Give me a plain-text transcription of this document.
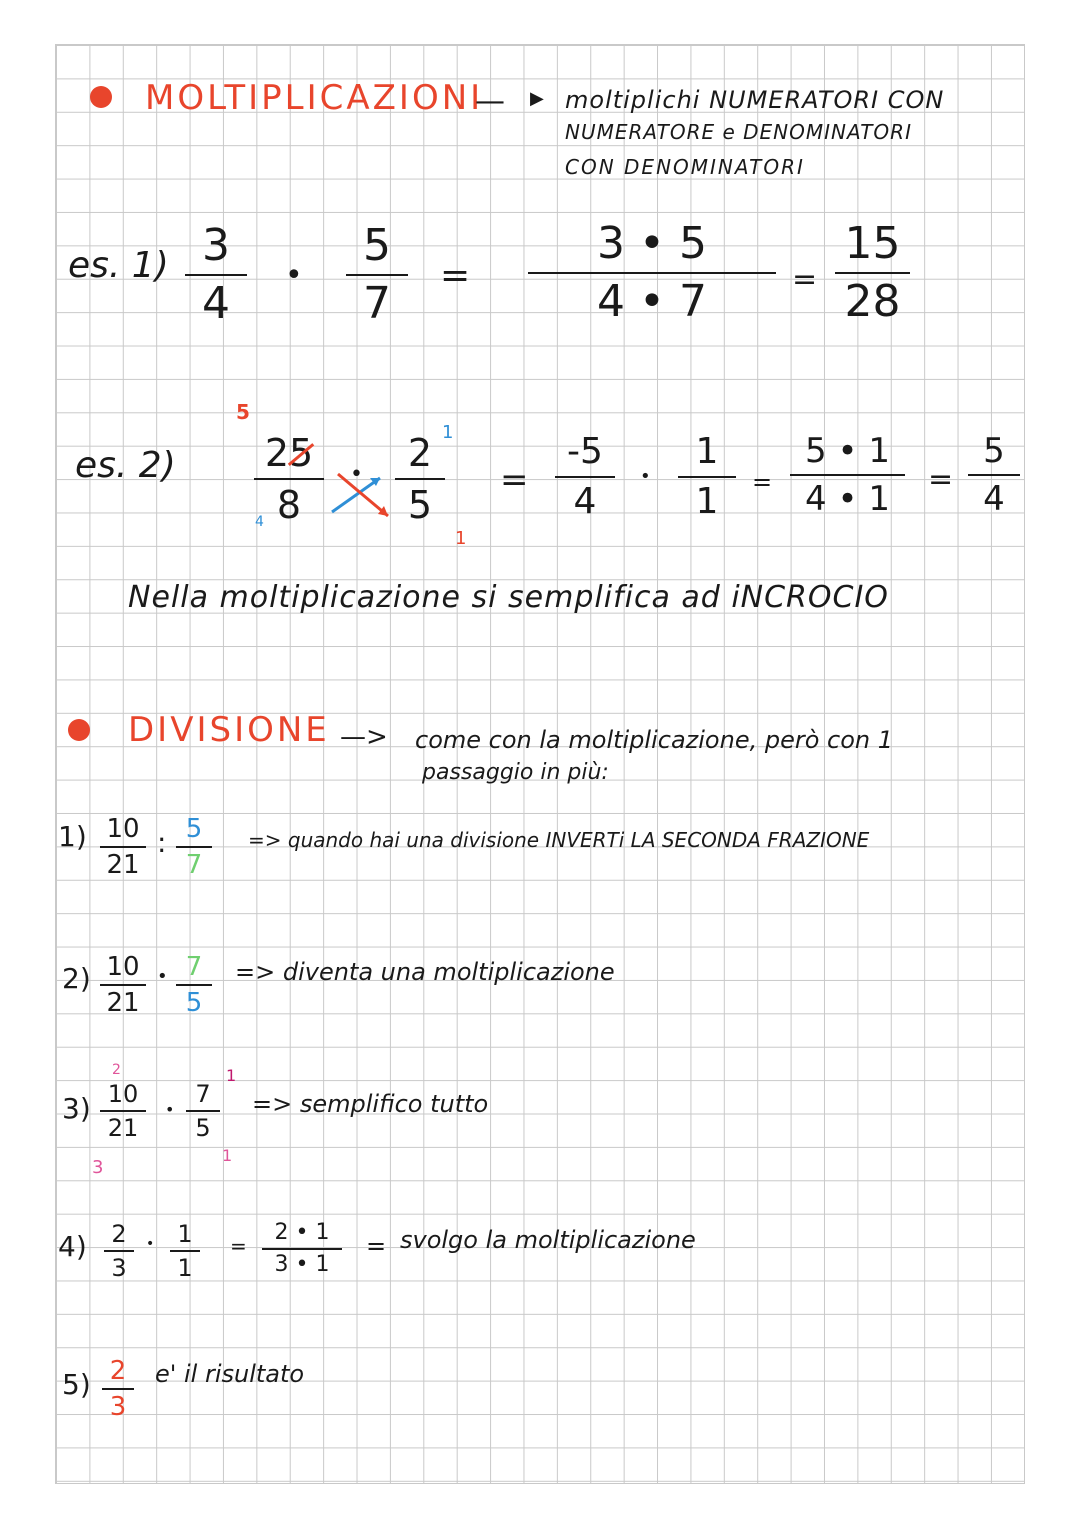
MOLTIPLICAZIONI
— ▶ moltiplichi NUMERATORI CON
NUMERATORE e DENOMINATORI
CON DENOMINATORI
es. 1) 3
4
•
5
7
=
3 • 5
4 • 7	=
15
28
es. 2)
5
25
8
4
•	2
5
1
1
=
-5
4
•
1
1	=
5 • 1
4 • 1	=
5
4
Nella moltiplicazione si semplifica ad iNCROCIO
DIVISIONE —> come con la moltiplicazione, però con 1
passaggio in più:
1) 10
21
: 5
7
=> quando hai una divisione INVERTi LA SECONDA FRAZIONE
2) 10
21
• 7
5
=> diventa una moltiplicazione
3)
2
10
21
3
•
7
5
1
1
=> semplifico tutto
4)	2
3
• 1
1
=
2 • 1
3 • 1
= svolgo la moltiplicazione
5) 2
3
e' il risultato
